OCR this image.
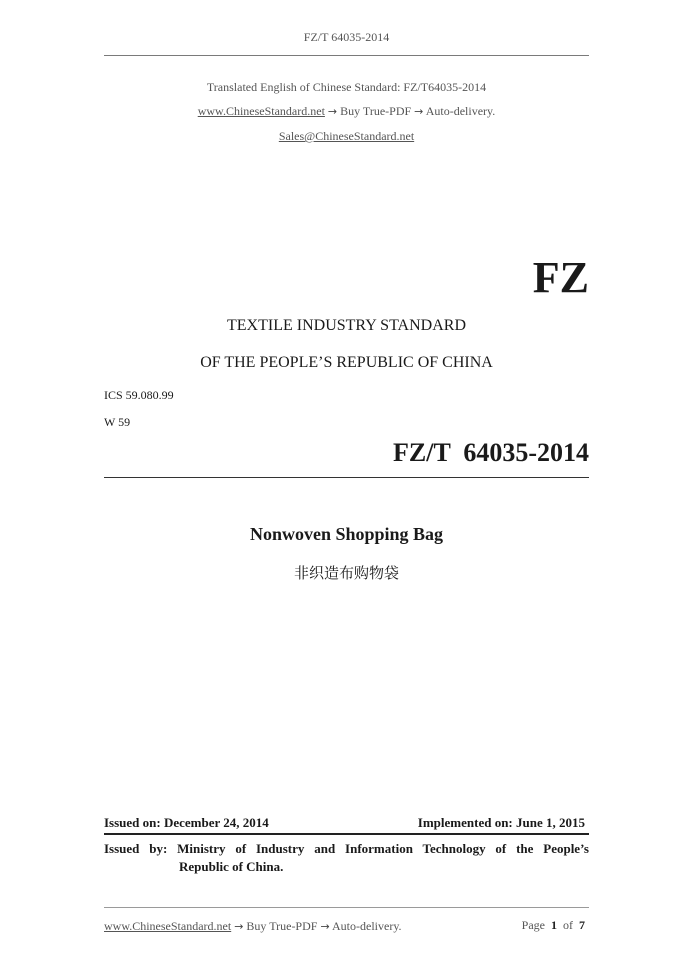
FZ/T 64035-2014
Translated English of Chinese Standard: FZ/T64035-2014
www.ChineseStandard.net → Buy True-PDF → Auto-delivery.
Sales@ChineseStandard.net
FZ
TEXTILE INDUSTRY STANDARD
OF THE PEOPLE’S REPUBLIC OF CHINA
ICS 59.080.99
W 59
FZ/T  64035-2014
Nonwoven Shopping Bag
非织造布购物袋
Issued on: December 24, 2014	Implemented on: June 1, 2015
Issued by: Ministry of Industry and Information Technology of the People’s
Republic of China.
www.ChineseStandard.net → Buy True-PDF → Auto-delivery.	Page 1 of 7
